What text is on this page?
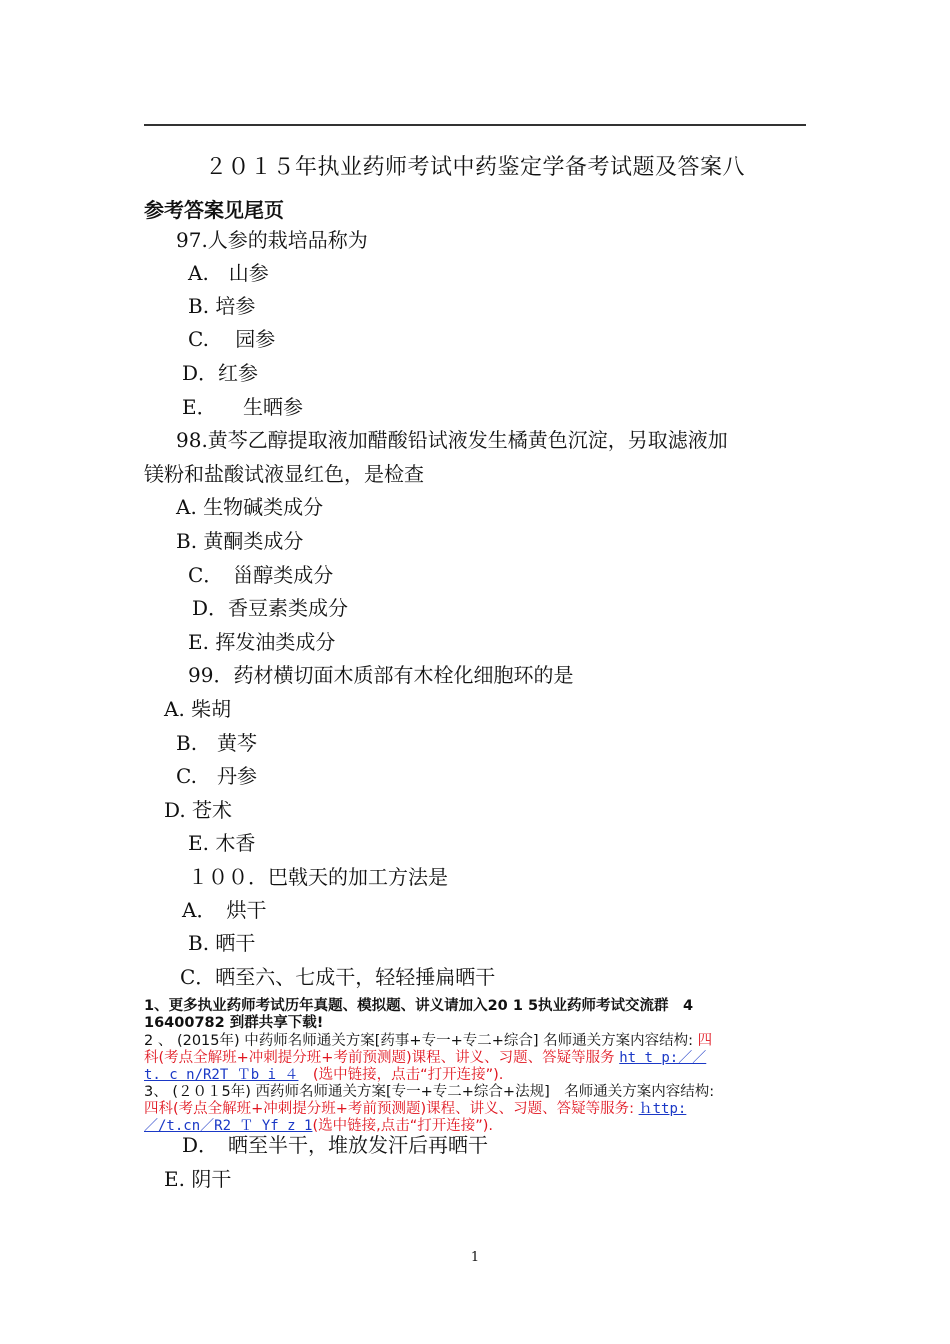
２０１５年执业药师考试中药鉴定学备考试题及答案八
参考答案见尾页
97.人参的栽培品称为
A.　山参
B. 培参
C.　 园参
D．红参
E． 　生晒参
98.黄芩乙醇提取液加醋酸铅试液发生橘黄色沉淀，另取滤液加
镁粉和盐酸试液显红色，是检查
A. 生物碱类成分
B. 黄酮类成分
C．　甾醇类成分
D．香豆素类成分
E. 挥发油类成分
99．药材横切面木质部有木栓化细胞环的是
A. 柴胡
B.　黄芩
C.　丹参
D. 苍术
E. 木香
１００．巴戟天的加工方法是
A．　烘干
B. 晒干
C．晒至六、七成干，轻轻捶扁晒干
1、更多执业药师考试历年真题、模拟题、讲义请加入20 1 5执业药师考试交流群　4
16400782 到群共享下载!
2 、 (2015年) 中药师名师通关方案[药事+专一+专二+综合] 名师通关方案内容结构: 四
科(考点全解班+冲刺提分班+考前预测题)课程、讲义、习题、答疑等服务 ht t p:／／
t. c n/R2T Ｔb i ４　(选中链接，点击“打开连接”).
3、 (２０１5年) 西药师名师通关方案[专一+专二+综合+法规]　名师通关方案内容结构:
四科(考点全解班+冲刺提分班+考前预测题)课程、讲义、习题、答疑等服务: ｈttp:
／/t.cn／R2 Ｔ Yf z 1(选中链接,点击“打开连接”).
D．　晒至半干，堆放发汗后再晒干
E. 阴干
1
